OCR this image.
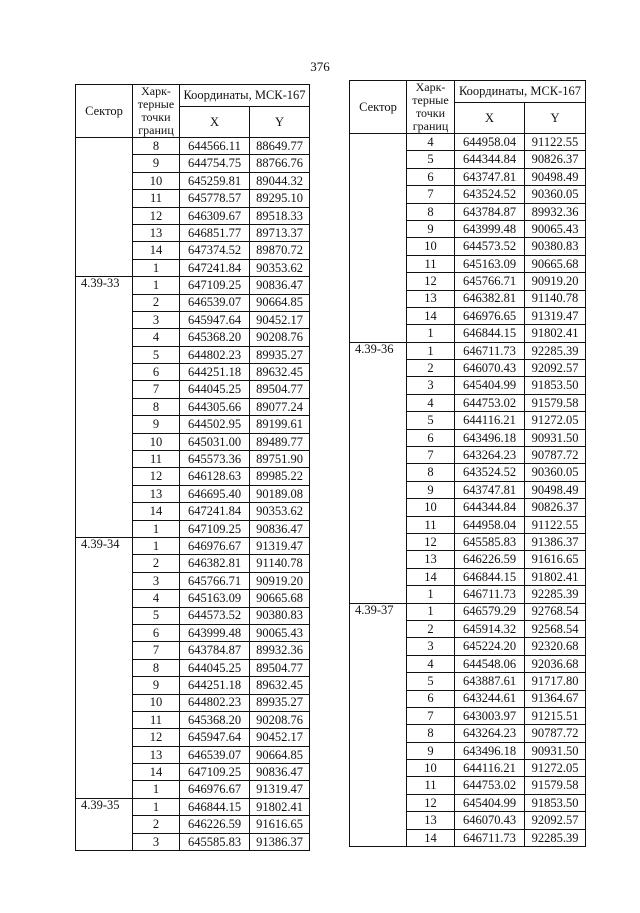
376
Сектор	Харк-терные точки границ	Координаты, МСК-167	
		X	Y
	8	644566.11	88649.77
	9	644754.75	88766.76
	10	645259.81	89044.32
	11	645778.57	89295.10
	12	646309.67	89518.33
	13	646851.77	89713.37
	14	647374.52	89870.72
	1	647241.84	90353.62
4.39-33	1	647109.25	90836.47
	2	646539.07	90664.85
	3	645947.64	90452.17
	4	645368.20	90208.76
	5	644802.23	89935.27
	6	644251.18	89632.45
	7	644045.25	89504.77
	8	644305.66	89077.24
	9	644502.95	89199.61
	10	645031.00	89489.77
	11	645573.36	89751.90
	12	646128.63	89985.22
	13	646695.40	90189.08
	14	647241.84	90353.62
	1	647109.25	90836.47
4.39-34	1	646976.67	91319.47
	2	646382.81	91140.78
	3	645766.71	90919.20
	4	645163.09	90665.68
	5	644573.52	90380.83
	6	643999.48	90065.43
	7	643784.87	89932.36
	8	644045.25	89504.77
	9	644251.18	89632.45
	10	644802.23	89935.27
	11	645368.20	90208.76
	12	645947.64	90452.17
	13	646539.07	90664.85
	14	647109.25	90836.47
	1	646976.67	91319.47
4.39-35	1	646844.15	91802.41
	2	646226.59	91616.65
	3	645585.83	91386.37
Сектор	Харк-терные точки границ	Координаты, МСК-167	
		X	Y
	4	644958.04	91122.55
	5	644344.84	90826.37
	6	643747.81	90498.49
	7	643524.52	90360.05
	8	643784.87	89932.36
	9	643999.48	90065.43
	10	644573.52	90380.83
	11	645163.09	90665.68
	12	645766.71	90919.20
	13	646382.81	91140.78
	14	646976.65	91319.47
	1	646844.15	91802.41
4.39-36	1	646711.73	92285.39
	2	646070.43	92092.57
	3	645404.99	91853.50
	4	644753.02	91579.58
	5	644116.21	91272.05
	6	643496.18	90931.50
	7	643264.23	90787.72
	8	643524.52	90360.05
	9	643747.81	90498.49
	10	644344.84	90826.37
	11	644958.04	91122.55
	12	645585.83	91386.37
	13	646226.59	91616.65
	14	646844.15	91802.41
	1	646711.73	92285.39
4.39-37	1	646579.29	92768.54
	2	645914.32	92568.54
	3	645224.20	92320.68
	4	644548.06	92036.68
	5	643887.61	91717.80
	6	643244.61	91364.67
	7	643003.97	91215.51
	8	643264.23	90787.72
	9	643496.18	90931.50
	10	644116.21	91272.05
	11	644753.02	91579.58
	12	645404.99	91853.50
	13	646070.43	92092.57
	14	646711.73	92285.39
